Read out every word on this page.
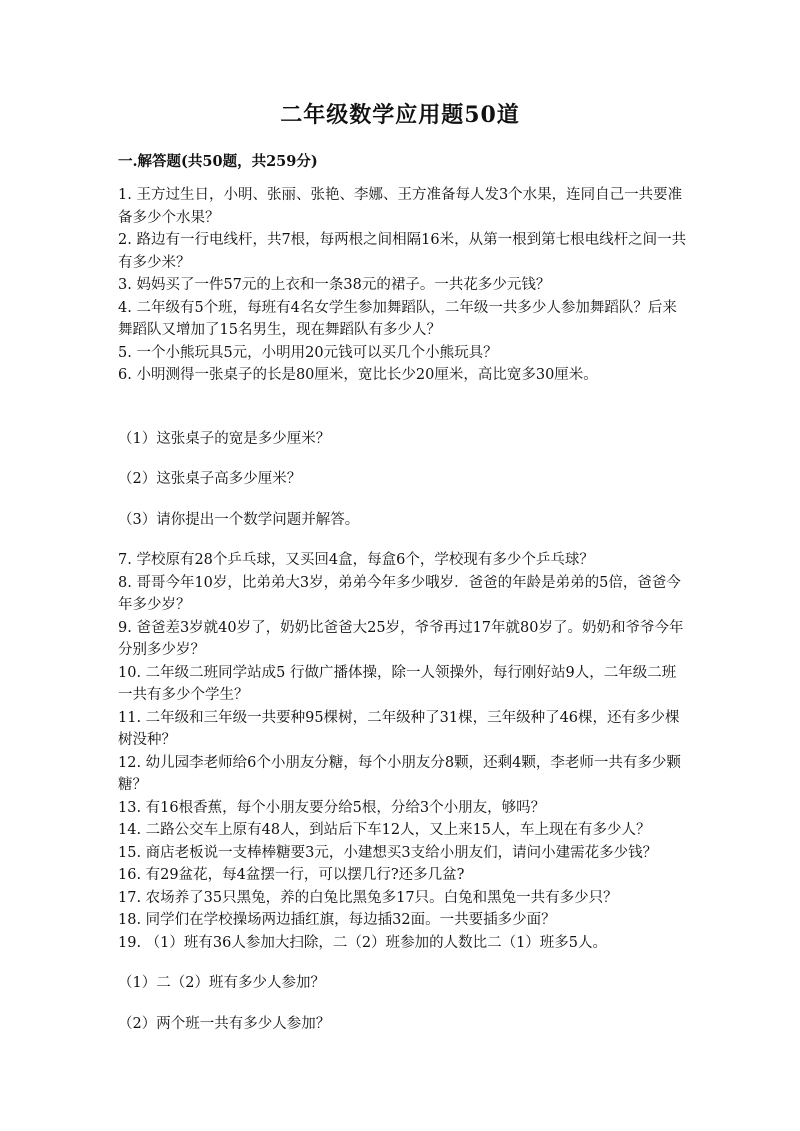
二年级数学应用题50道
一.解答题(共50题，共259分)

1. 王方过生日，小明、张丽、张艳、李娜、王方准备每人发3个水果，连同自己一共要准备多少个水果？

2. 路边有一行电线杆，共7根，每两根之间相隔16米，从第一根到第七根电线杆之间一共有多少米？

3. 妈妈买了一件57元的上衣和一条38元的裙子。一共花多少元钱？

4. 二年级有5个班，每班有4名女学生参加舞蹈队，二年级一共多少人参加舞蹈队？后来舞蹈队又增加了15名男生，现在舞蹈队有多少人？

5. 一个小熊玩具5元，小明用20元钱可以买几个小熊玩具？

6. 小明测得一张桌子的长是80厘米，宽比长少20厘米，高比宽多30厘米。

（1）这张桌子的宽是多少厘米？

（2）这张桌子高多少厘米？

（3）请你提出一个数学问题并解答。

7. 学校原有28个乒乓球，又买回4盒，每盒6个，学校现有多少个乒乓球？

8. 哥哥今年10岁，比弟弟大3岁，弟弟今年多少哦岁．爸爸的年龄是弟弟的5倍，爸爸今年多少岁？

9. 爸爸差3岁就40岁了，奶奶比爸爸大25岁，爷爷再过17年就80岁了。奶奶和爷爷今年分别多少岁？

10. 二年级二班同学站成5 行做广播体操，除一人领操外，每行刚好站9人，二年级二班一共有多少个学生？

11. 二年级和三年级一共要种95棵树，二年级种了31棵，三年级种了46棵，还有多少棵树没种？

12. 幼儿园李老师给6个小朋友分糖，每个小朋友分8颗，还剩4颗，李老师一共有多少颗糖？

13. 有16根香蕉，每个小朋友要分给5根，分给3个小朋友，够吗？

14. 二路公交车上原有48人，到站后下车12人，又上来15人，车上现在有多少人？

15. 商店老板说一支棒棒糖要3元，小建想买3支给小朋友们，请问小建需花多少钱？

16. 有29盆花，每4盆摆一行，可以摆几行?还多几盆?

17. 农场养了35只黑兔，养的白兔比黑兔多17只。白兔和黑兔一共有多少只？

18. 同学们在学校操场两边插红旗，每边插32面。一共要插多少面？

19. （1）班有36人参加大扫除，二（2）班参加的人数比二（1）班多5人。

（1）二（2）班有多少人参加？

（2）两个班一共有多少人参加？
